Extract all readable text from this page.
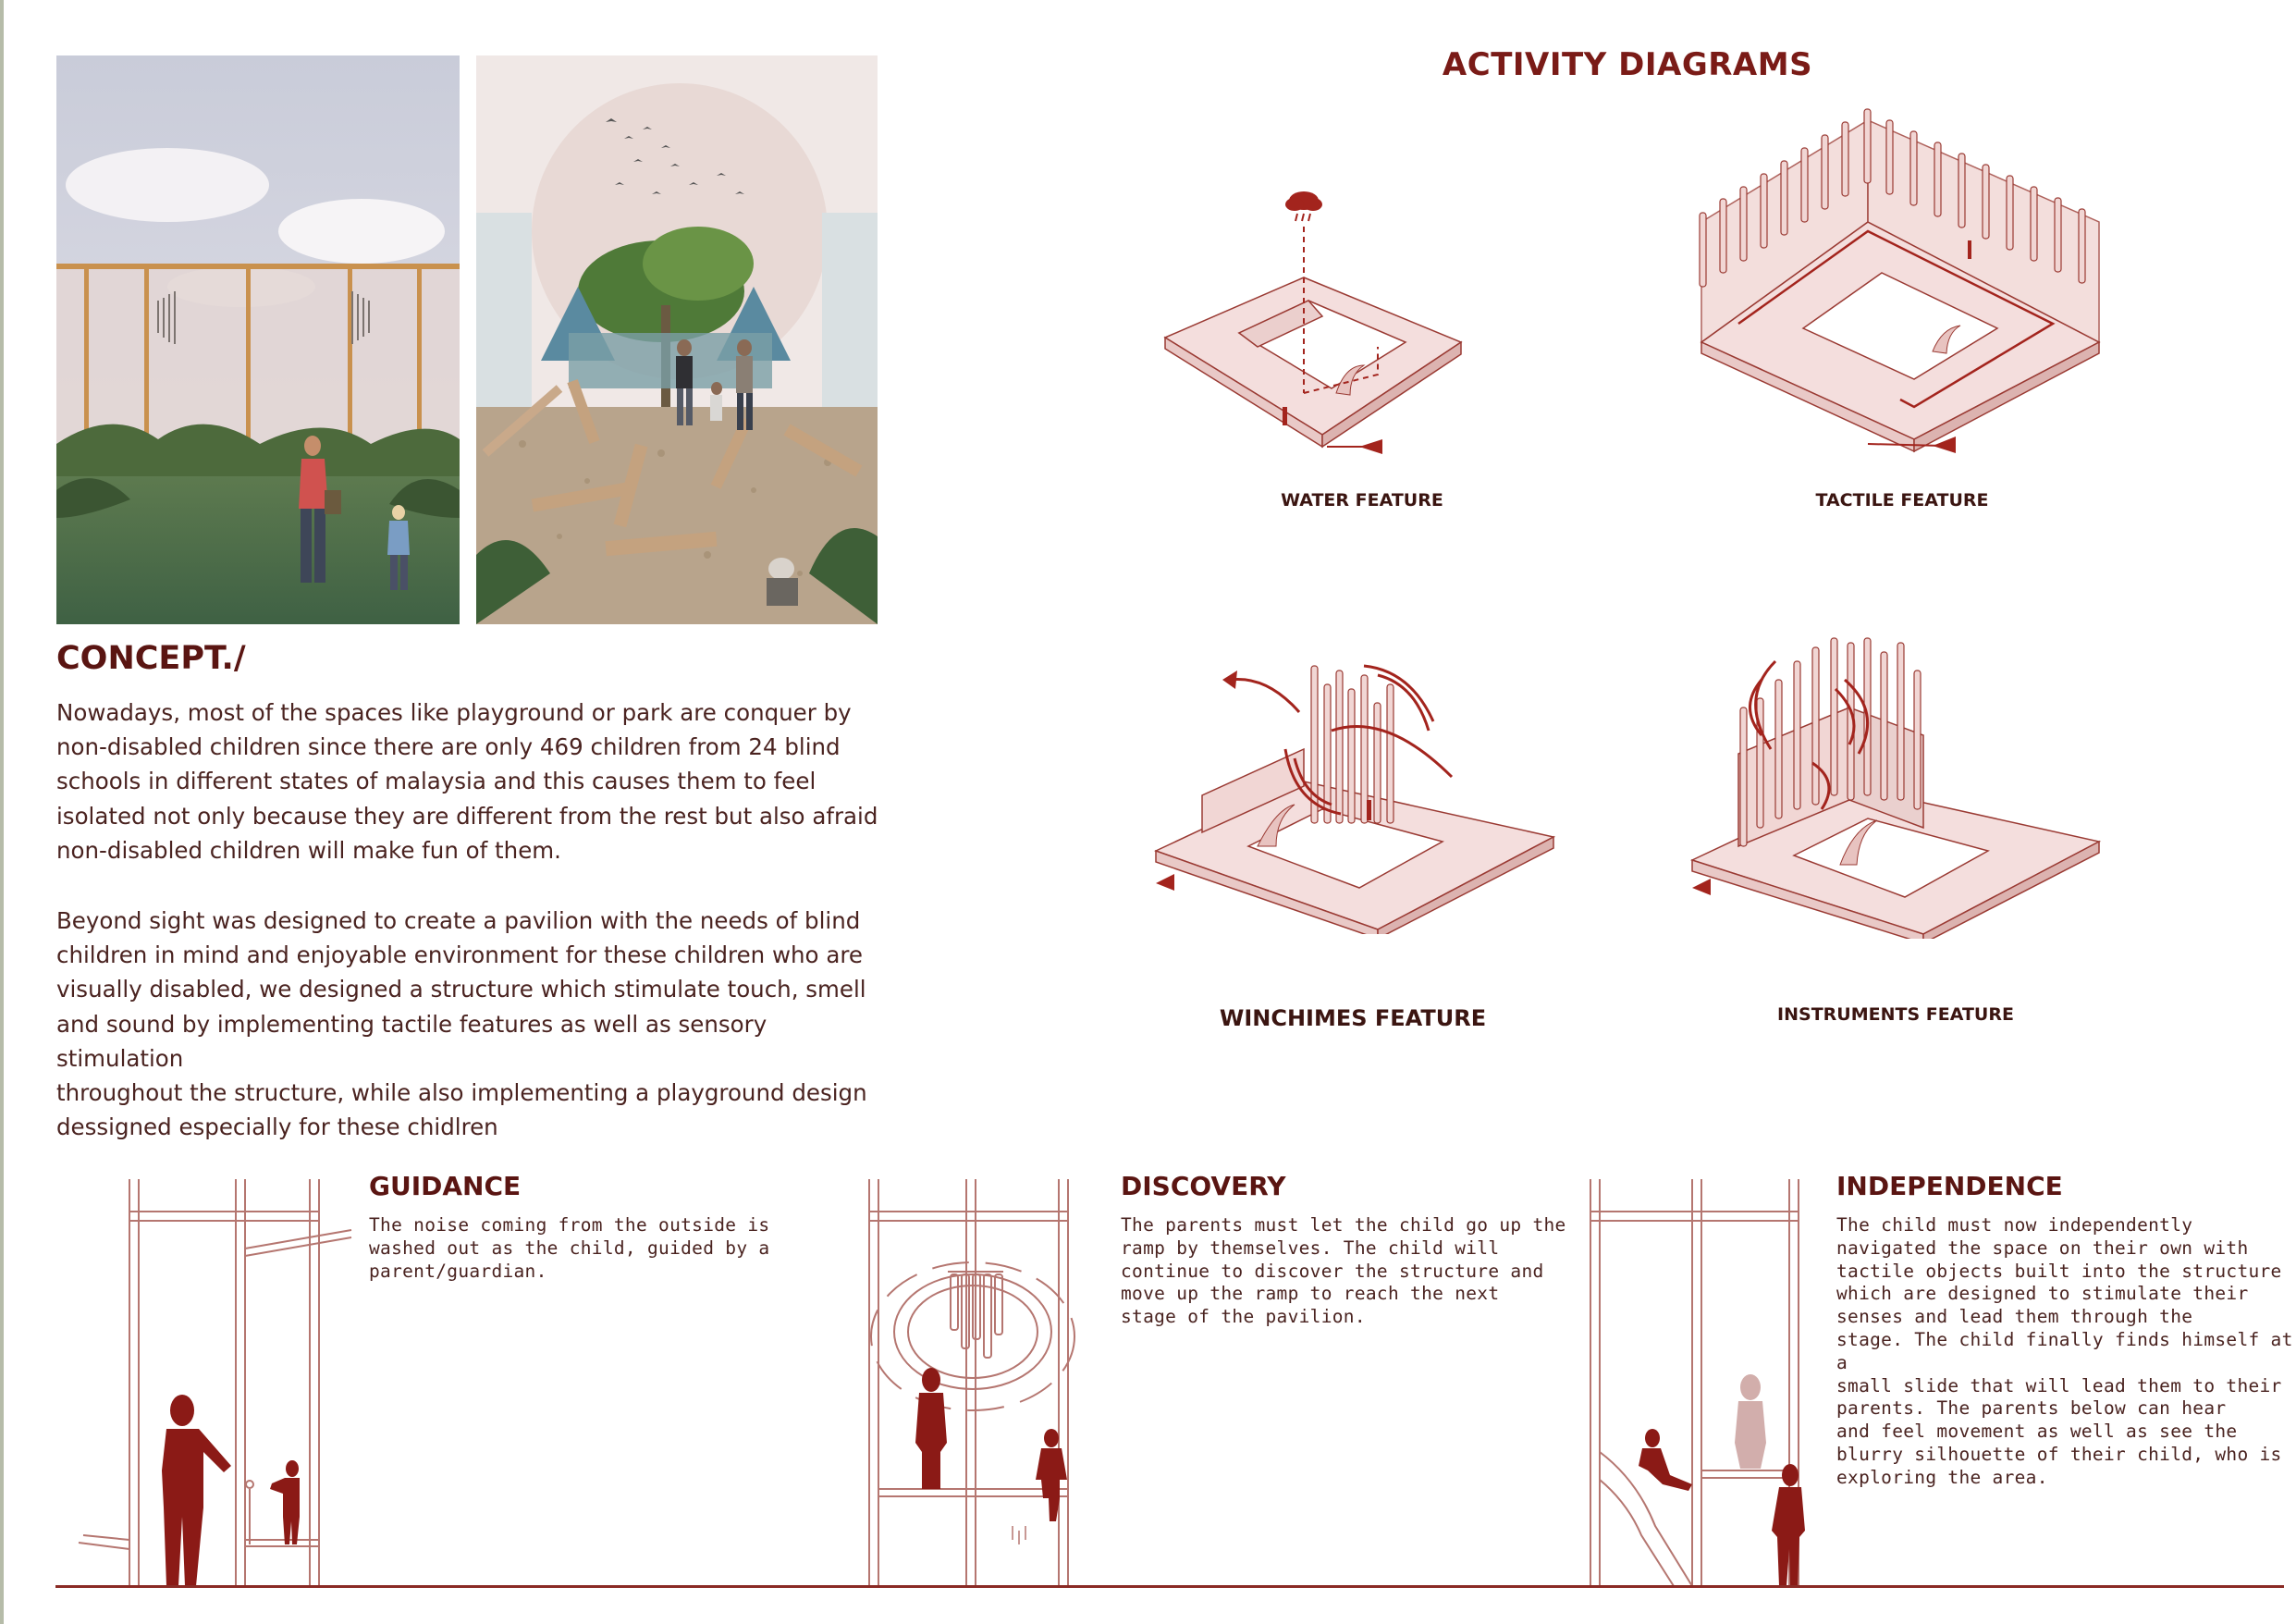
CONCEPT./
Nowadays, most of the spaces like playground or park are conquer by
non-disabled children since there are only 469 children from 24 blind
schools in different states of malaysia and this causes them to feel
isolated not only because they are different from the rest but also afraid
non-disabled children will make fun of them.
Beyond sight was designed to create a pavilion with the needs of blind
children in mind and enjoyable environment for these children who are
visually disabled, we designed a structure which stimulate touch, smell
and sound by implementing tactile features as well as sensory stimulation
throughout the structure, while also implementing a playground design
dessigned especially for these chidlren
ACTIVITY DIAGRAMS
WATER FEATURE	TACTILE FEATURE
WINCHIMES FEATURE	INSTRUMENTS FEATURE
GUIDANCE
The noise coming from the outside is
washed out as the child, guided by a
parent/guardian.
DISCOVERY
The parents must let the child go up the
ramp by themselves. The child will
continue to discover the structure and
move up the ramp to reach the next
stage of the pavilion.
INDEPENDENCE
The child must now independently
navigated the space on their own with
tactile objects built into the structure
which are designed to stimulate their
senses and lead them through the
stage. The child finally finds himself at a
small slide that will lead them to their
parents. The parents below can hear
and feel movement as well as see the
blurry silhouette of their child, who is
exploring the area.
